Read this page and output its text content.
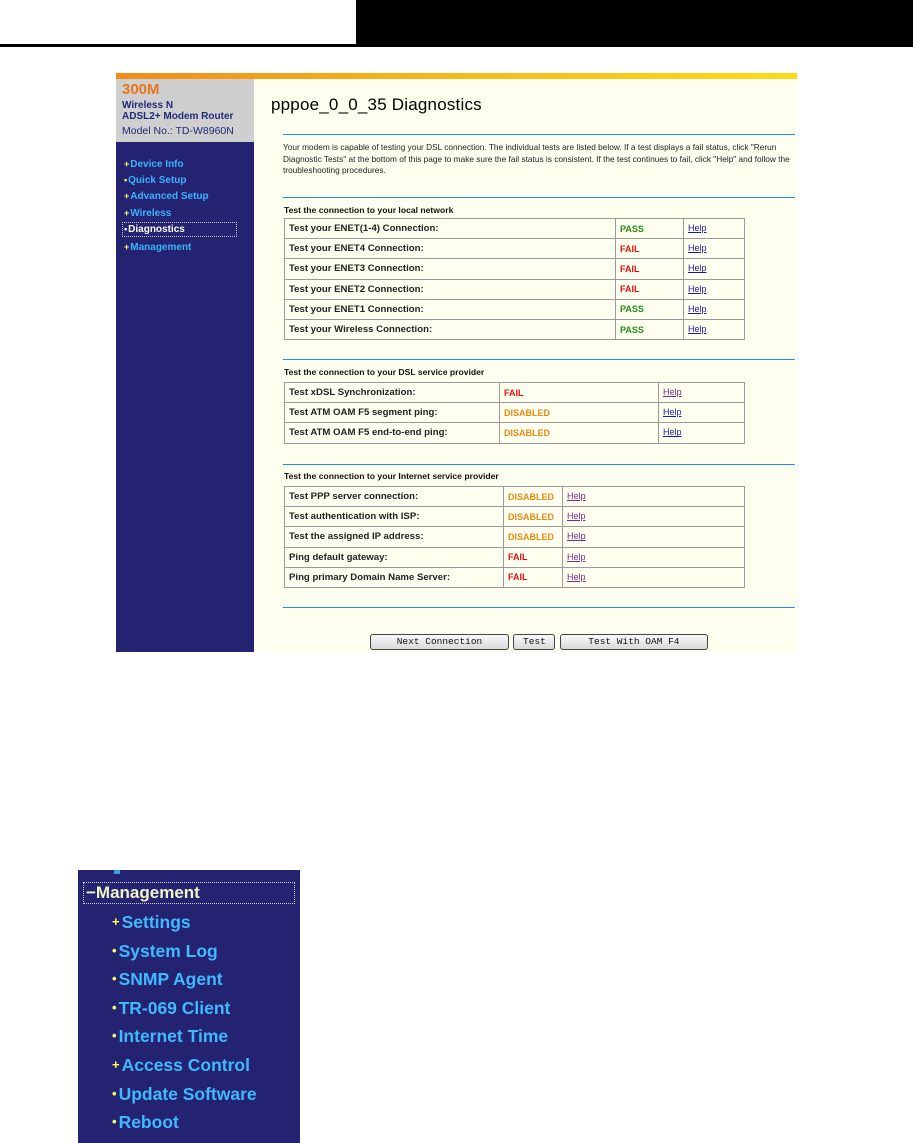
300M
Wireless N
ADSL2+ Modem Router
Model No.: TD-W8960N
+Device Info
•Quick Setup
+Advanced Setup
+Wireless
•Diagnostics
+Management
pppoe_0_0_35 Diagnostics
Your modem is capable of testing your DSL connection. The individual tests are listed below. If a test displays a fail status, click "Rerun Diagnostic Tests" at the bottom of this page to make sure the fail status is consistent. If the test continues to fail, click "Help" and follow the troubleshooting procedures.
Test the connection to your local network
Test your ENET(1-4) Connection:	PASS	Help
Test your ENET4 Connection:	FAIL	Help
Test your ENET3 Connection:	FAIL	Help
Test your ENET2 Connection:	FAIL	Help
Test your ENET1 Connection:	PASS	Help
Test your Wireless Connection:	PASS	Help
Test the connection to your DSL service provider
Test xDSL Synchronization:	FAIL	Help
Test ATM OAM F5 segment ping:	DISABLED	Help
Test ATM OAM F5 end-to-end ping:	DISABLED	Help
Test the connection to your Internet service provider
Test PPP server connection:	DISABLED	Help
Test authentication with ISP:	DISABLED	Help
Test the assigned IP address:	DISABLED	Help
Ping default gateway:	FAIL	Help
Ping primary Domain Name Server:	FAIL	Help
Next Connection	Test	Test With OAM F4
−Management
+ Settings
• System Log
• SNMP Agent
• TR-069 Client
• Internet Time
+ Access Control
• Update Software
• Reboot
